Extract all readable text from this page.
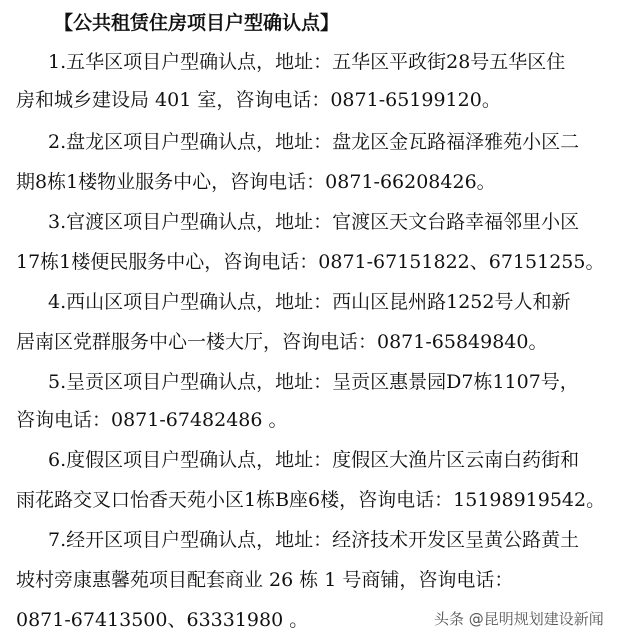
【公共租赁住房项目户型确认点】
1.五华区项目户型确认点，地址：五华区平政街28号五华区住
房和城乡建设局 401 室，咨询电话：0871-65199120。
2.盘龙区项目户型确认点，地址：盘龙区金瓦路福泽雅苑小区二
期8栋1楼物业服务中心，咨询电话：0871-66208426。
3.官渡区项目户型确认点，地址：官渡区天文台路幸福邻里小区
17栋1楼便民服务中心，咨询电话：0871-67151822、67151255。
4.西山区项目户型确认点，地址：西山区昆州路1252号人和新
居南区党群服务中心一楼大厅，咨询电话：0871-65849840。
5.呈贡区项目户型确认点，地址：呈贡区惠景园D7栋1107号，
咨询电话：0871-67482486 。
6.度假区项目户型确认点，地址：度假区大渔片区云南白药街和
雨花路交叉口怡香天苑小区1栋B座6楼，咨询电话：15198919542。
7.经开区项目户型确认点，地址：经济技术开发区呈黄公路黄土
坡村旁康惠馨苑项目配套商业 26 栋 1 号商铺，咨询电话：
0871-67413500、63331980 。	头条 @昆明规划建设新闻
